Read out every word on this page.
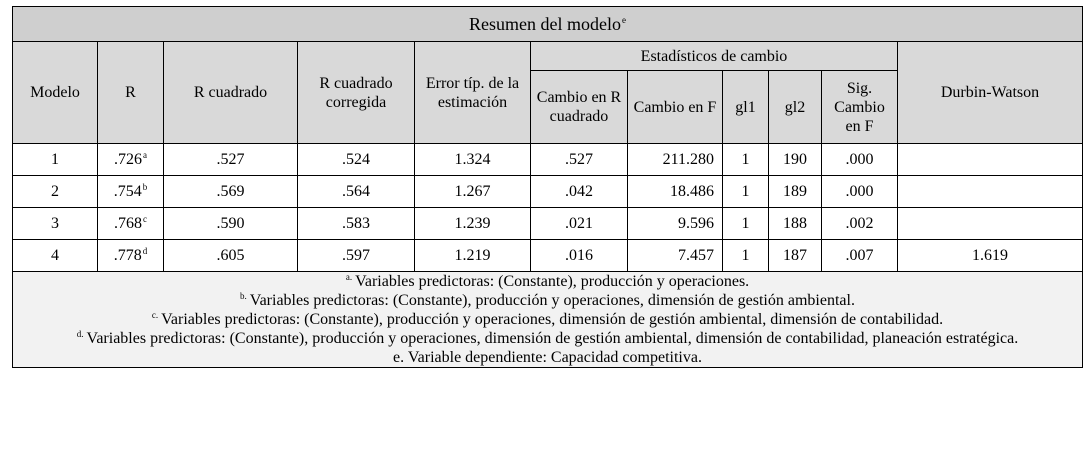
Resumen del modelo$^e$
Modelo	R	R cuadrado	R cuadrado corregida	Error típ. de la estimación	Estadísticos de cambio					Durbin-Watson
					Cambio en R cuadrado	Cambio en F	gl1	gl2	Sig. Cambio en F	
1	.726$^a$	.527	.524	1.324	.527	211.280	1	190	.000	
2	.754$^b$	.569	.564	1.267	.042	18.486	1	189	.000	
3	.768$^c$	.590	.583	1.239	.021	9.596	1	188	.002	
4	.778$^d$	.605	.597	1.219	.016	7.457	1	187	.007	1.619

$^{a.}$ Variables predictoras: (Constante), producción y operaciones.
$^{b.}$ Variables predictoras: (Constante), producción y operaciones, dimensión de gestión ambiental.
$^{c.}$ Variables predictoras: (Constante), producción y operaciones, dimensión de gestión ambiental, dimensión de contabilidad.
$^{d.}$ Variables predictoras: (Constante), producción y operaciones, dimensión de gestión ambiental, dimensión de contabilidad, planeación estratégica.
e. Variable dependiente: Capacidad competitiva.										
